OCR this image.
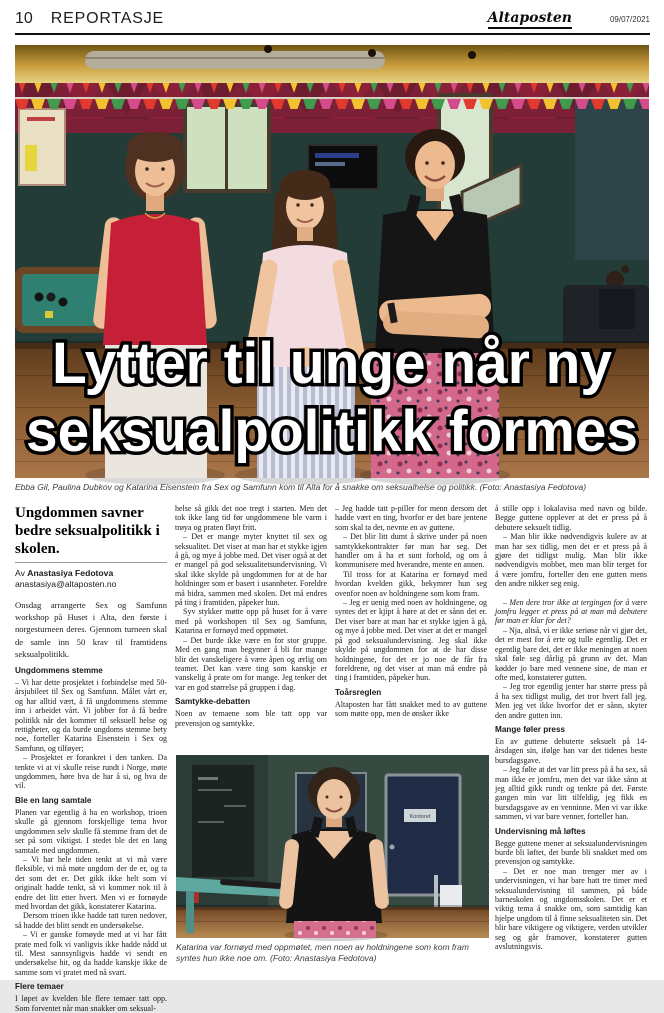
10 REPORTASJE	Altaposten	09/07/2021
Lytter til unge når ny
seksualpolitikk formes
Ebba Gil, Paulina Dubkov og Katarina Eisenstein fra Sex og Samfunn kom til Alta for å snakke om seksualhelse og politikk. (Foto: Anastasiya Fedotova)
Ungdommen savner bedre seksualpolitikk i skolen.
Av Anastasiya Fedotova
anastasiya@altaposten.no

Onsdag arrangerte Sex og Samfunn workshop på Huset i Alta, den første i norgesturneen deres. Gjennom turneen skal de samle inn 50 krav til framtidens seksualpolitikk.

Ungdommens stemme

– Vi har dette prosjektet i forbindelse med 50-årsjubileet til Sex og Samfunn. Målet vårt er, og har alltid vært, å få ungdommens stemme inn i arbeidet vårt. Vi jobber for å få bedre politikk når det kommer til seksuell helse og rettigheter, og da burde ungdoms stemme bety noe, forteller Katarina Eisenstein i Sex og Samfunn, og tilføyer;

– Prosjektet er forankret i den tanken. Da tenkte vi at vi skulle reise rundt i Norge, møte ungdommen, høre hva de har å si, og hva de vil.

Ble en lang samtale

Planen var egentlig å ha en workshop, trioen skulle gå gjennom forskjellige tema hvor ungdommen selv skulle få stemme fram det de ser på som viktigst. I stedet ble det en lang samtale med ungdommen.

– Vi har hele tiden tenkt at vi må være fleksible, vi må møte ungdom der de er, og ta det som det er. Det gikk ikke helt som vi originalt hadde tenkt, så vi kommer nok til å endre det litt etter hvert. Men vi er fornøyde med hvordan det gikk, konstaterer Katarina.

Dersom trioen ikke hadde tatt turen nedover, så hadde det blitt sendt en undersøkelse.

– Vi er ganske fornøyde med at vi har fått prate med folk vi vanligvis ikke hadde nådd ut til. Mest sannsynligvis hadde vi sendt en undersøkelse hit, og da hadde kanskje ikke de samme som vi pratet med nå svart.

Flere temaer

I løpet av kvelden ble flere temaer tatt opp. Som forventet når man snakker om seksual-

helse så gikk det noe tregt i starten. Men det tok ikke lang tid før ungdommene ble varm i trøya og praten fløyt fritt.

– Det er mange myter knyttet til sex og seksualitet. Det viser at man har et stykke igjen å gå, og mye å jobbe med. Det viser også at det er mangel på god seksualitetsundervisning. Vi skal ikke skylde på ungdommen for at de har holdninger som er basert i usannheter. Foreldre må bidra, sammen med skolen. Det må endres på ting i framtiden, påpeker hun.

Syv stykker møtte opp på huset for å være med på workshopen til Sex og Samfunn, Katarina er fornøyd med oppmøtet.

– Det burde ikke være en for stor gruppe. Med en gang man begynner å bli for mange blir det vanskeligere å være åpen og ærlig om teamet. Det kan være ting som kanskje er vanskelig å prate om for mange. Jeg tenker det var en god størrelse på gruppen i dag.

Samtykke-debatten

Noen av temaene som ble tatt opp var prevensjon og samtykke.

– Jeg hadde tatt p-piller for menn dersom det hadde vært en ting, hvorfor er det bare jentene som skal ta det, nevnte en av guttene.

– Det blir litt dumt å skrive under på noen samtykkekontrakter før man har seg. Det handler om å ha et sunt forhold, og om å kommunisere med hverandre, mente en annen.

Til tross for at Katarina er fornøyd med hvordan kvelden gikk, bekymrer hun seg ovenfor noen av holdningene som kom fram.

– Jeg er uenig med noen av holdningene, og syntes det er kjipt å høre at det er sånn det er. Det viser bare at man har et stykke igjen å gå, og mye å jobbe med. Det viser at det er mangel på god seksualundervisning. Jeg skal ikke skylde på ungdommen for at de har disse holdningene, for det er jo noe de får fra foreldrene, og det viser at man må endre på ting i framtiden, påpeker hun.

Toårsreglen

Altaposten har fått snakket med to av guttene som møtte opp, men de ønsker ikke

å stille opp i lokalavisa med navn og bilde. Begge guttene opplever at det er press på å debutere seksuelt tidlig.

– Man blir ikke nødvendigvis kulere av at man har sex tidlig, men det er et press på å gjøre det tidligst mulig. Man blir ikke nødvendigvis mobbet, men man blir terget for å være jomfru, forteller den ene gutten mens den andre nikker seg enig.

– Men dere tror ikke at tergingen for å være jomfru legger et press på at man må debutere før man er klar for det?

– Nja, altså, vi er ikke seriøse når vi gjør det, det er mest for å erte og tulle egentlig. Det er egentlig bare det, det er ikke meningen at noen skal føle seg dårlig på grunn av det. Man kødder jo bare med vennene sine, de man er ofte med, konstaterer gutten.

– Jeg tror egentlig jenter har større press på å ha sex tidligst mulig, det tror hvert fall jeg. Men jeg vet ikke hvorfor det er sånn, skyter den andre gutten inn.

Mange føler press

En av guttene debuterte seksuelt på 14-årsdagen sin, ifølge han var det tidenes beste bursdagsgave.

– Jeg følte at det var litt press på å ha sex, så man ikke er jomfru, men det var ikke sånn at jeg alltid gikk rundt og tenkte på det. Første gangen min var litt tilfeldig, jeg fikk en bursdagsgave av en venninne. Men vi var ikke sammen, vi var bare venner, forteller han.

Undervisning må løftes

Begge guttene mener at seksualundervisningen burde bli løftet, det burde bli snakket med om prevensjon og samtykke.

– Det er noe man trenger mer av i undervisningen, vi har bare hatt tre timer med seksualundervisning til sammen, på både barneskolen og ungdomsskolen. Det er et viktig tema å snakke om, som samtidig kan hjelpe ungdom til å finne seksualiteten sin. Det blir bare viktigere og viktigere, verden utvikler seg og går framover, konstaterer gutten avslutningsvis.

Kontoret
Katarina var fornøyd med oppmøtet, men noen av holdningene som kom fram syntes hun ikke noe om. (Foto: Anastasiya Fedotova)
